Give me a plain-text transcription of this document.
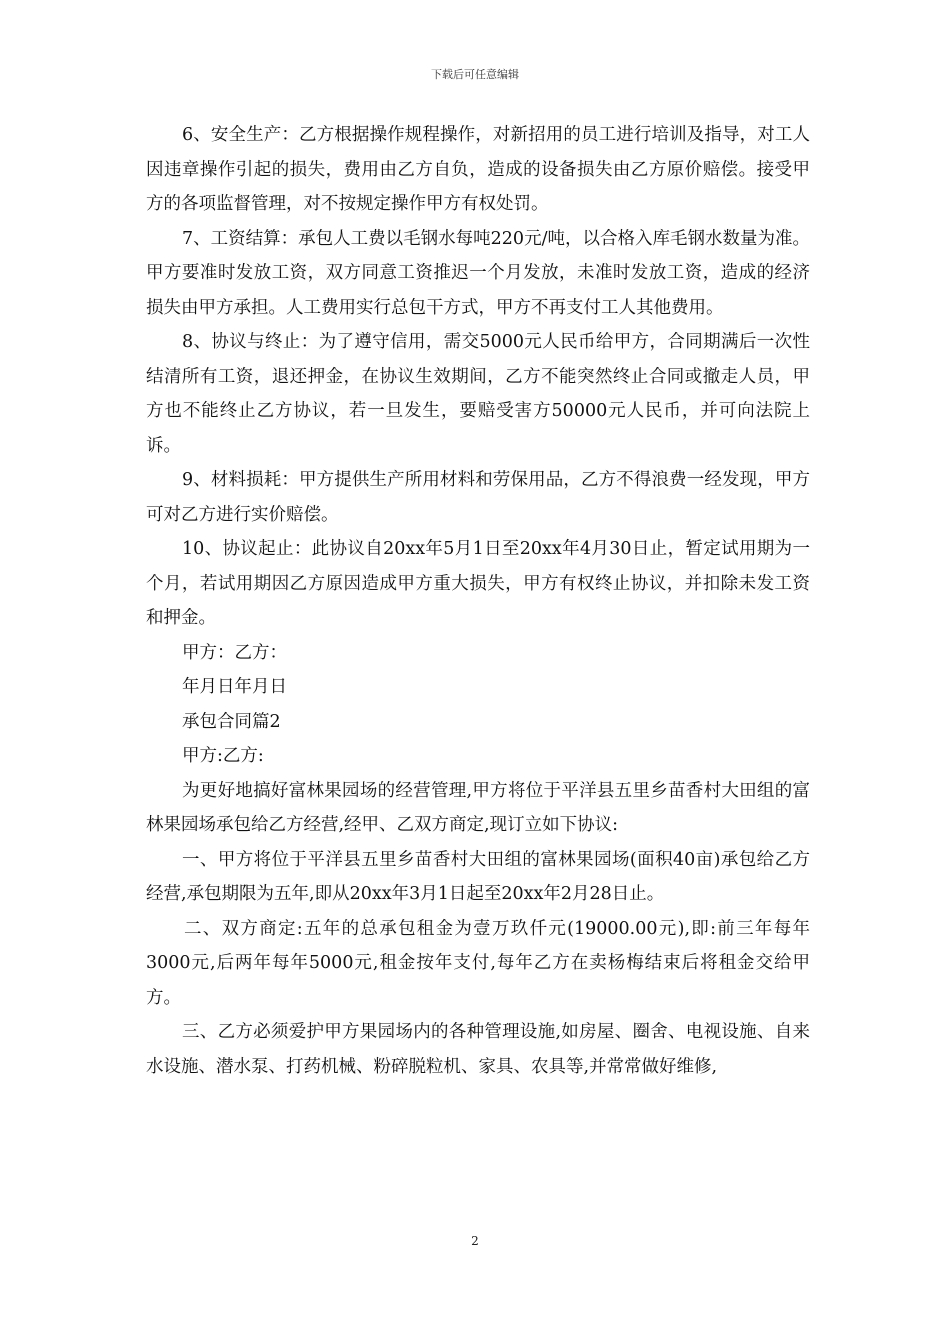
下载后可任意编辑

6、安全生产：乙方根据操作规程操作，对新招用的员工进行培训及指导，对工人因违章操作引起的损失，费用由乙方自负，造成的设备损失由乙方原价赔偿。接受甲方的各项监督管理，对不按规定操作甲方有权处罚。

7、工资结算：承包人工费以毛钢水每吨220元/吨，以合格入库毛钢水数量为准。甲方要准时发放工资，双方同意工资推迟一个月发放，未准时发放工资，造成的经济损失由甲方承担。人工费用实行总包干方式，甲方不再支付工人其他费用。

8、协议与终止：为了遵守信用，需交5000元人民币给甲方，合同期满后一次性结清所有工资，退还押金，在协议生效期间，乙方不能突然终止合同或撤走人员，甲方也不能终止乙方协议，若一旦发生，要赔受害方50000元人民币，并可向法院上诉。

9、材料损耗：甲方提供生产所用材料和劳保用品，乙方不得浪费一经发现，甲方可对乙方进行实价赔偿。

10、协议起止：此协议自20xx年5月1日至20xx年4月30日止，暂定试用期为一个月，若试用期因乙方原因造成甲方重大损失，甲方有权终止协议，并扣除未发工资和押金。

甲方：乙方：

年月日年月日

承包合同篇2

甲方:乙方:

为更好地搞好富林果园场的经营管理,甲方将位于平洋县五里乡苗香村大田组的富林果园场承包给乙方经营,经甲、乙双方商定,现订立如下协议:

一、甲方将位于平洋县五里乡苗香村大田组的富林果园场(面积40亩)承包给乙方经营,承包期限为五年,即从20xx年3月1日起至20xx年2月28日止。

二、双方商定:五年的总承包租金为壹万玖仟元(19000.00元),即:前三年每年3000元,后两年每年5000元,租金按年支付,每年乙方在卖杨梅结束后将租金交给甲方。

三、乙方必须爱护甲方果园场内的各种管理设施,如房屋、圈舍、电视设施、自来水设施、潜水泵、打药机械、粉碎脱粒机、家具、农具等,并常常做好维修,

2
